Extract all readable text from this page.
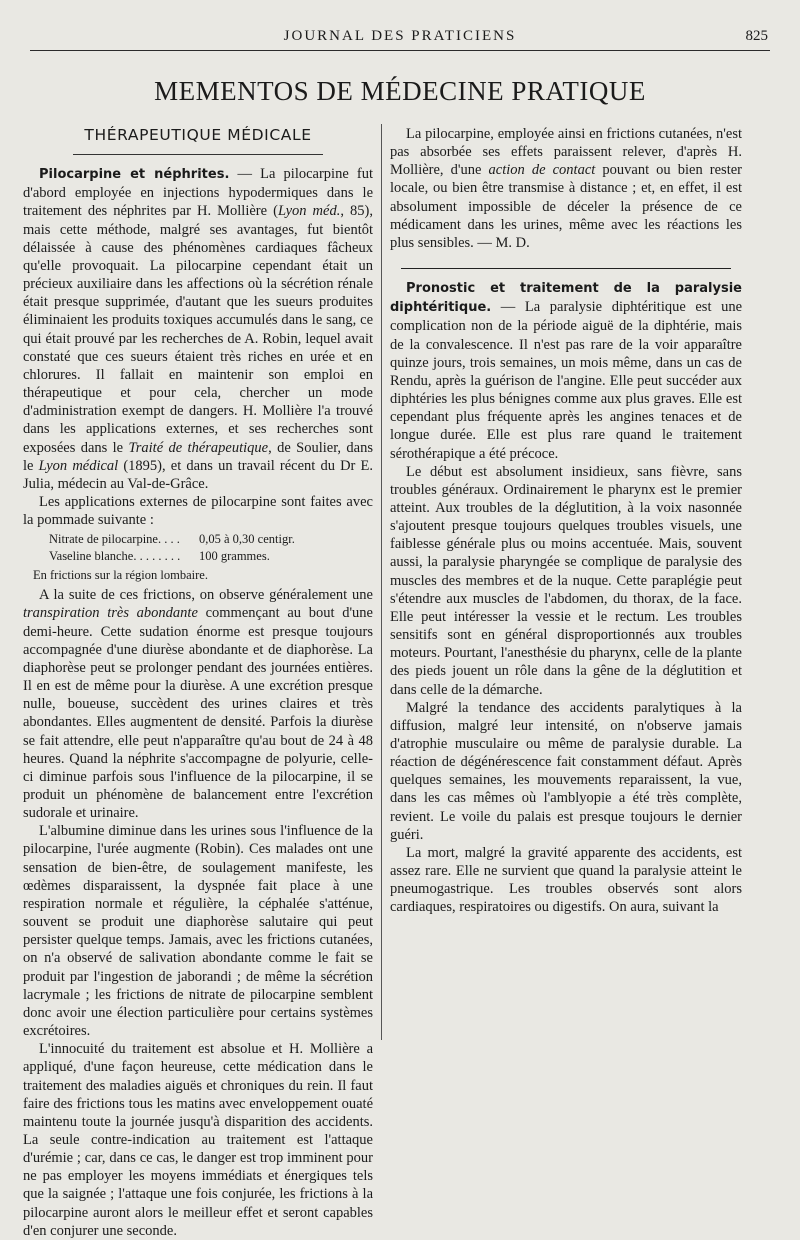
JOURNAL DES PRATICIENS	825
MEMENTOS DE MÉDECINE PRATIQUE
THÉRAPEUTIQUE MÉDICALE

Pilocarpine et néphrites. — La pilocarpine fut d'abord employée en injections hypodermiques dans le traitement des néphrites par H. Mollière (Lyon méd., 85), mais cette méthode, malgré ses avantages, fut bientôt délaissée à cause des phénomènes cardiaques fâcheux qu'elle provoquait. La pilocarpine cependant était un précieux auxiliaire dans les affections où la sécrétion rénale était presque supprimée, d'autant que les sueurs produites éliminaient les produits toxiques accumulés dans le sang, ce qui était prouvé par les recherches de A. Robin, lequel avait constaté que ces sueurs étaient très riches en urée et en chlorures. Il fallait en maintenir son emploi en thérapeutique et pour cela, chercher un mode d'administration exempt de dangers. H. Mollière l'a trouvé dans les applications externes, et ses recherches sont exposées dans le Traité de thérapeutique, de Soulier, dans le Lyon médical (1895), et dans un travail récent du Dr E. Julia, médecin au Val-de-Grâce.

Les applications externes de pilocarpine sont faites avec la pommade suivante :

Nitrate de pilocarpine. . . .	0,05 à 0,30 centigr.
Vaseline blanche. . . . . . . .	100 grammes.
En frictions sur la région lombaire.

A la suite de ces frictions, on observe généralement une transpiration très abondante commençant au bout d'une demi-heure. Cette sudation énorme est presque toujours accompagnée d'une diurèse abondante et de diaphorèse. La diaphorèse peut se prolonger pendant des journées entières. Il en est de même pour la diurèse. A une excrétion presque nulle, boueuse, succèdent des urines claires et très abondantes. Elles augmentent de densité. Parfois la diurèse se fait attendre, elle peut n'apparaître qu'au bout de 24 à 48 heures. Quand la néphrite s'accompagne de polyurie, celle-ci diminue parfois sous l'influence de la pilocarpine, il se produit un phénomène de balancement entre l'excrétion sudorale et urinaire.

L'albumine diminue dans les urines sous l'influence de la pilocarpine, l'urée augmente (Robin). Ces malades ont une sensation de bien-être, de soulagement manifeste, les œdèmes disparaissent, la dyspnée fait place à une respiration normale et régulière, la céphalée s'atténue, souvent se produit une diaphorèse salutaire qui peut persister quelque temps. Jamais, avec les frictions cutanées, on n'a observé de salivation abondante comme le fait se produit par l'ingestion de jaborandi ; de même la sécrétion lacrymale ; les frictions de nitrate de pilocarpine semblent donc avoir une élection particulière pour certains systèmes excrétoires.

L'innocuité du traitement est absolue et H. Mollière a appliqué, d'une façon heureuse, cette médication dans le traitement des maladies aiguës et chroniques du rein. Il faut faire des frictions tous les matins avec enveloppement ouaté maintenu toute la journée jusqu'à disparition des accidents. La seule contre-indication au traitement est l'attaque d'urémie ; car, dans ce cas, le danger est trop imminent pour ne pas employer les moyens immédiats et énergiques tels que la saignée ; l'attaque une fois conjurée, les frictions à la pilocarpine auront alors le meilleur effet et seront capables d'en conjurer une seconde.

La pilocarpine, employée ainsi en frictions cutanées, n'est pas absorbée ses effets paraissent relever, d'après H. Mollière, d'une action de contact pouvant ou bien rester locale, ou bien être transmise à distance ; et, en effet, il est absolument impossible de déceler la présence de ce médicament dans les urines, même avec les réactions les plus sensibles. — M. D.

Pronostic et traitement de la paralysie diphtéritique. — La paralysie diphtéritique est une complication non de la période aiguë de la diphtérie, mais de la convalescence. Il n'est pas rare de la voir apparaître quinze jours, trois semaines, un mois même, dans un cas de Rendu, après la guérison de l'angine. Elle peut succéder aux diphtéries les plus bénignes comme aux plus graves. Elle est cependant plus fréquente après les angines tenaces et de longue durée. Elle est plus rare quand le traitement sérothérapique a été précoce.

Le début est absolument insidieux, sans fièvre, sans troubles généraux. Ordinairement le pharynx est le premier atteint. Aux troubles de la déglutition, à la voix nasonnée s'ajoutent presque toujours quelques troubles visuels, une faiblesse générale plus ou moins accentuée. Mais, souvent aussi, la paralysie pharyngée se complique de paralysie des muscles des membres et de la nuque. Cette paraplégie peut s'étendre aux muscles de l'abdomen, du thorax, de la face. Elle peut intéresser la vessie et le rectum. Les troubles sensitifs sont en général disproportionnés aux troubles moteurs. Pourtant, l'anesthésie du pharynx, celle de la plante des pieds jouent un rôle dans la gêne de la déglutition et dans celle de la démarche.

Malgré la tendance des accidents paralytiques à la diffusion, malgré leur intensité, on n'observe jamais d'atrophie musculaire ou même de paralysie durable. La réaction de dégénérescence fait constamment défaut. Après quelques semaines, les mouvements reparaissent, la vue, dans les cas mêmes où l'amblyopie a été très complète, revient. Le voile du palais est presque toujours le dernier guéri.

La mort, malgré la gravité apparente des accidents, est assez rare. Elle ne survient que quand la paralysie atteint le pneumogastrique. Les troubles observés sont alors cardiaques, respiratoires ou digestifs. On aura, suivant la
